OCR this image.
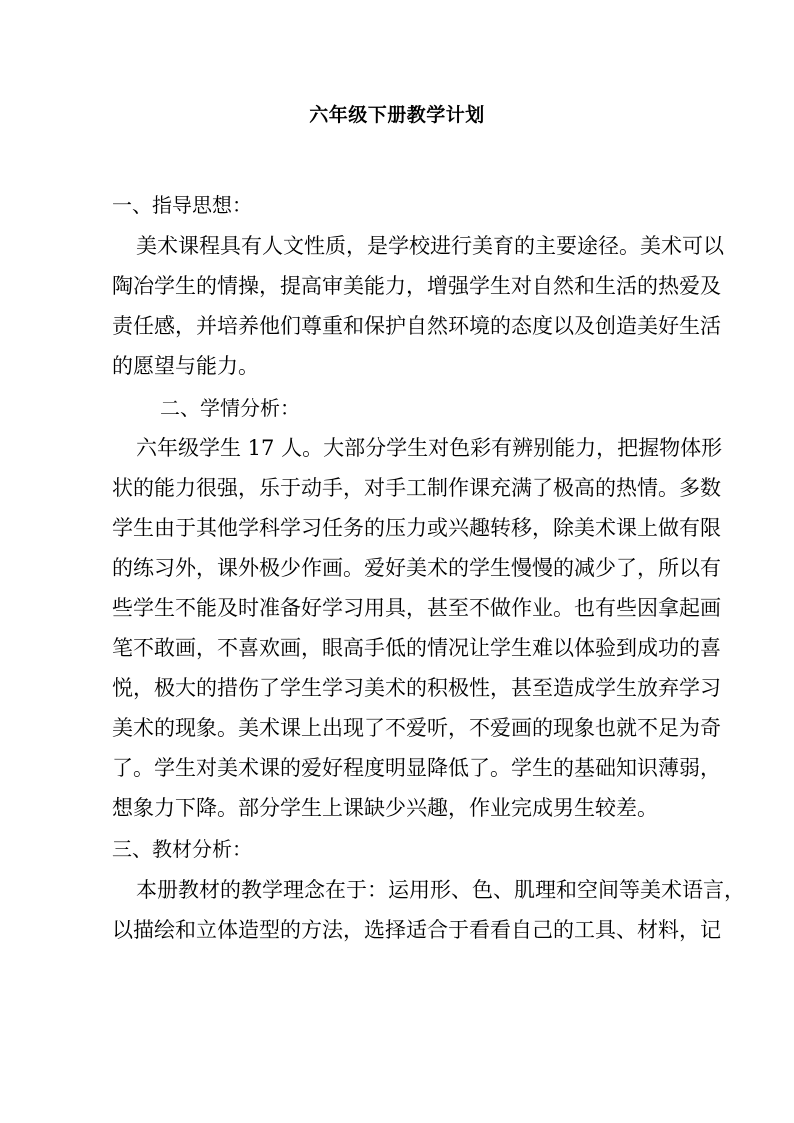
六年级下册教学计划
一、指导思想：
美术课程具有人文性质，是学校进行美育的主要途径。美术可以
陶冶学生的情操，提高审美能力，增强学生对自然和生活的热爱及
责任感，并培养他们尊重和保护自然环境的态度以及创造美好生活
的愿望与能力。
二、学情分析：
六年级学生 17 人。大部分学生对色彩有辨别能力，把握物体形
状的能力很强，乐于动手，对手工制作课充满了极高的热情。多数
学生由于其他学科学习任务的压力或兴趣转移，除美术课上做有限
的练习外，课外极少作画。爱好美术的学生慢慢的减少了，所以有
些学生不能及时准备好学习用具，甚至不做作业。也有些因拿起画
笔不敢画，不喜欢画，眼高手低的情况让学生难以体验到成功的喜
悦，极大的措伤了学生学习美术的积极性，甚至造成学生放弃学习
美术的现象。美术课上出现了不爱听，不爱画的现象也就不足为奇
了。学生对美术课的爱好程度明显降低了。学生的基础知识薄弱，
想象力下降。部分学生上课缺少兴趣，作业完成男生较差。
三、教材分析：
本册教材的教学理念在于：运用形、色、肌理和空间等美术语言，
以描绘和立体造型的方法，选择适合于看看自己的工具、材料，记
